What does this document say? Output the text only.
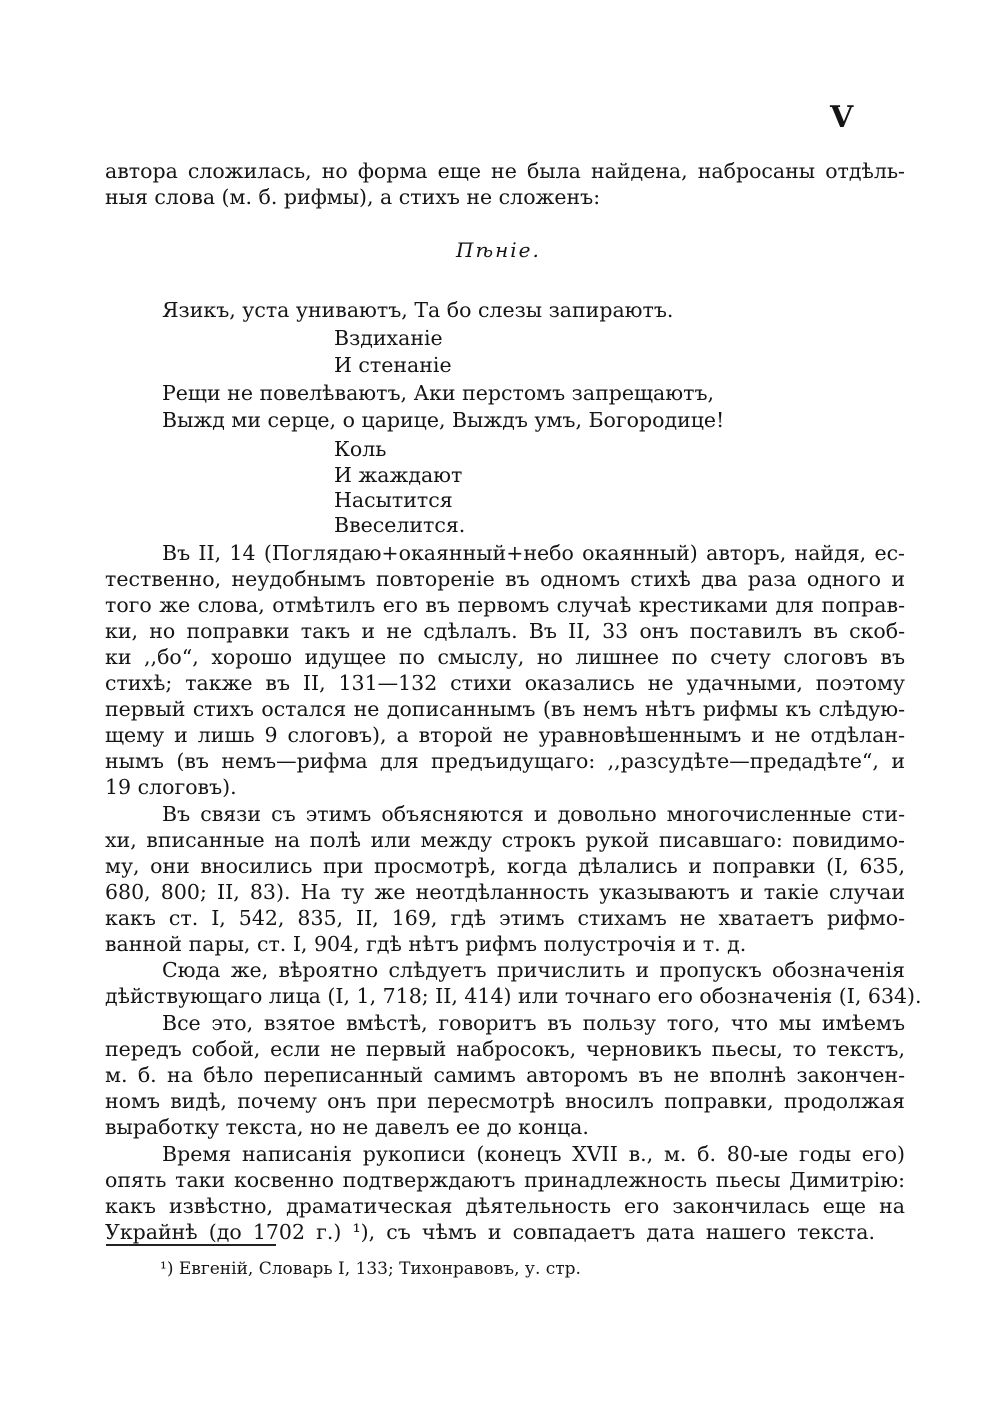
V
автора сложилась, но форма еще не была найдена, набросаны отдѣль-
ныя слова (м. б. рифмы), а стихъ не сложенъ:
Пѣніе.
Язикъ, уста униваютъ, Та бо слезы запираютъ.
Вздиханіе
И стенаніе
Рещи не повелѣваютъ, Аки перстомъ запрещаютъ,
Выжд ми серце, о царице, Выждъ умъ, Богородице!
Коль
И жаждают
Насытится
Ввеселится.
Въ II, 14 (Поглядаю+окаянный+небо окаянный) авторъ, найдя, ес-
тественно, неудобнымъ повтореніе въ одномъ стихѣ два раза одного и
того же слова, отмѣтилъ его въ первомъ случаѣ крестиками для поправ-
ки, но поправки такъ и не сдѣлалъ. Въ II, 33 онъ поставилъ въ скоб-
ки ,,бо“, хорошо идущее по смыслу, но лишнее по счету слоговъ въ
стихѣ; также въ II, 131—132 стихи оказались не удачными, поэтому
первый стихъ остался не дописаннымъ (въ немъ нѣтъ рифмы къ слѣдую-
щему и лишь 9 слоговъ), а второй не уравновѣшеннымъ и не отдѣлан-
нымъ (въ немъ—рифма для предъидущаго: ,,разсудѣте—предадѣте“, и
19 слоговъ).
Въ связи съ этимъ объясняются и довольно многочисленные сти-
хи, вписанные на полѣ или между строкъ рукой писавшаго: повидимо-
му, они вносились при просмотрѣ, когда дѣлались и поправки (I, 635,
680, 800; II, 83). На ту же неотдѣланность указываютъ и такіе случаи
какъ ст. I, 542, 835, II, 169, гдѣ этимъ стихамъ не хватаетъ рифмо-
ванной пары, ст. I, 904, гдѣ нѣтъ рифмъ полустрочія и т. д.
Сюда же, вѣроятно слѣдуетъ причислить и пропускъ обозначенія
дѣйствующаго лица (I, 1, 718; II, 414) или точнаго его обозначенія (I, 634).
Все это, взятое вмѣстѣ, говоритъ въ пользу того, что мы имѣемъ
передъ собой, если не первый набросокъ, черновикъ пьесы, то текстъ,
м. б. на бѣло переписанный самимъ авторомъ въ не вполнѣ закончен-
номъ видѣ, почему онъ при пересмотрѣ вносилъ поправки, продолжая
выработку текста, но не давелъ ее до конца.
Время написанія рукописи (конецъ XVII в., м. б. 80-ые годы его)
опять таки косвенно подтверждаютъ принадлежность пьесы Димитрію:
какъ извѣстно, драматическая дѣятельность его закончилась еще на
Украйнѣ (до 1702 г.) ¹), съ чѣмъ и совпадаетъ дата нашего текста.
¹) Евгеній, Словарь I, 133; Тихонравовъ, у. стр.
